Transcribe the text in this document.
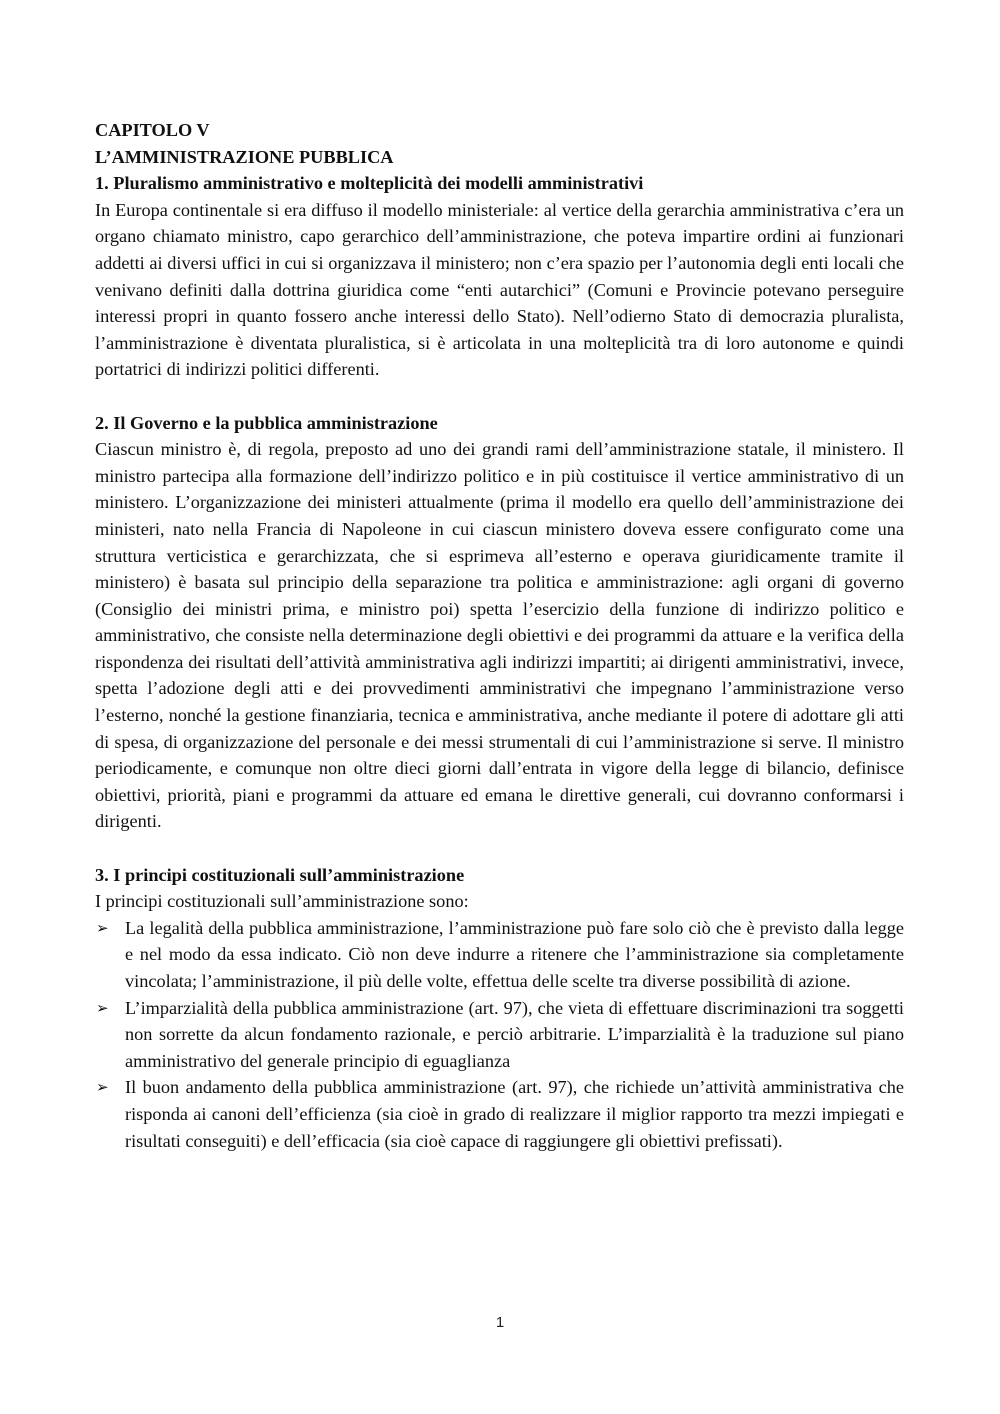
CAPITOLO V
L’AMMINISTRAZIONE PUBBLICA
1. Pluralismo amministrativo e molteplicità dei modelli amministrativi

In Europa continentale si era diffuso il modello ministeriale: al vertice della gerarchia amministrativa c’era un organo chiamato ministro, capo gerarchico dell’amministrazione, che poteva impartire ordini ai funzionari addetti ai diversi uffici in cui si organizzava il ministero; non c’era spazio per l’autonomia degli enti locali che venivano definiti dalla dottrina giuridica come “enti autarchici” (Comuni e Provincie potevano perseguire interessi propri in quanto fossero anche interessi dello Stato). Nell’odierno Stato di democrazia pluralista, l’amministrazione è diventata pluralistica, si è articolata in una molteplicità tra di loro autonome e quindi portatrici di indirizzi politici differenti.

2. Il Governo e la pubblica amministrazione

Ciascun ministro è, di regola, preposto ad uno dei grandi rami dell’amministrazione statale, il ministero. Il ministro partecipa alla formazione dell’indirizzo politico e in più costituisce il vertice amministrativo di un ministero. L’organizzazione dei ministeri attualmente (prima il modello era quello dell’amministrazione dei ministeri, nato nella Francia di Napoleone in cui ciascun ministero doveva essere configurato come una struttura verticistica e gerarchizzata, che si esprimeva all’esterno e operava giuridicamente tramite il ministero) è basata sul principio della separazione tra politica e amministrazione: agli organi di governo (Consiglio dei ministri prima, e ministro poi) spetta l’esercizio della funzione di indirizzo politico e amministrativo, che consiste nella determinazione degli obiettivi e dei programmi da attuare e la verifica della rispondenza dei risultati dell’attività amministrativa agli indirizzi impartiti; ai dirigenti amministrativi, invece, spetta l’adozione degli atti e dei provvedimenti amministrativi che impegnano l’amministrazione verso l’esterno, nonché la gestione finanziaria, tecnica e amministrativa, anche mediante il potere di adottare gli atti di spesa, di organizzazione del personale e dei messi strumentali di cui l’amministrazione si serve. Il ministro periodicamente, e comunque non oltre dieci giorni dall’entrata in vigore della legge di bilancio, definisce obiettivi, priorità, piani e programmi da attuare ed emana le direttive generali, cui dovranno conformarsi i dirigenti.

3. I principi costituzionali sull’amministrazione

I principi costituzionali sull’amministrazione sono:

➢ La legalità della pubblica amministrazione, l’amministrazione può fare solo ciò che è previsto dalla legge e nel modo da essa indicato. Ciò non deve indurre a ritenere che l’amministrazione sia completamente vincolata; l’amministrazione, il più delle volte, effettua delle scelte tra diverse possibilità di azione.
➢ L’imparzialità della pubblica amministrazione (art. 97), che vieta di effettuare discriminazioni tra soggetti non sorrette da alcun fondamento razionale, e perciò arbitrarie. L’imparzialità è la traduzione sul piano amministrativo del generale principio di eguaglianza
➢ Il buon andamento della pubblica amministrazione (art. 97), che richiede un’attività amministrativa che risponda ai canoni dell’efficienza (sia cioè in grado di realizzare il miglior rapporto tra mezzi impiegati e risultati conseguiti) e dell’efficacia (sia cioè capace di raggiungere gli obiettivi prefissati).
1
